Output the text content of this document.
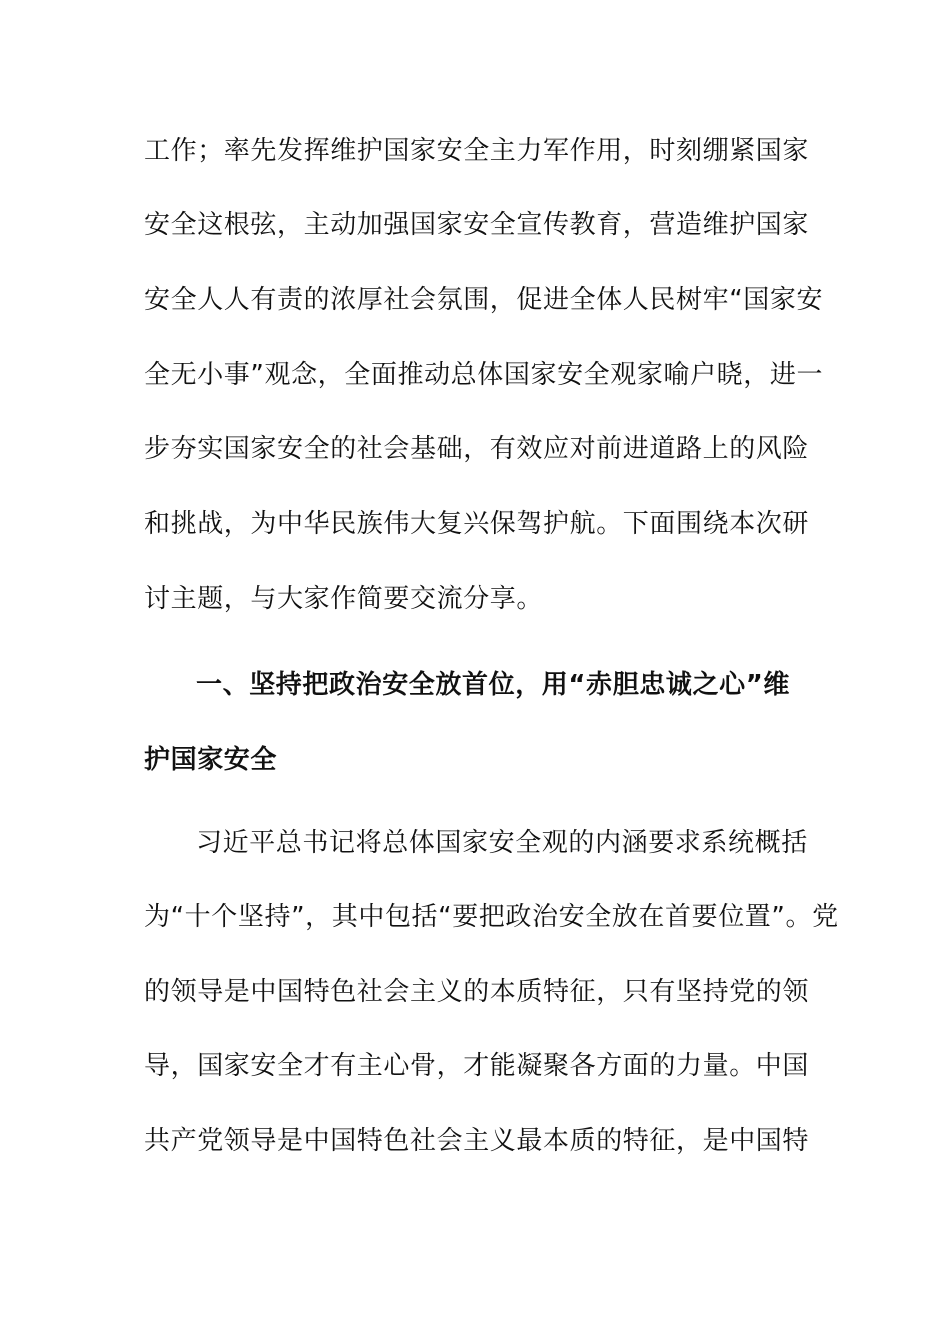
工作；率先发挥维护国家安全主力军作用，时刻绷紧国家
安全这根弦，主动加强国家安全宣传教育，营造维护国家
安全人人有责的浓厚社会氛围，促进全体人民树牢“国家安
全无小事”观念，全面推动总体国家安全观家喻户晓，进一
步夯实国家安全的社会基础，有效应对前进道路上的风险
和挑战，为中华民族伟大复兴保驾护航。下面围绕本次研
讨主题，与大家作简要交流分享。
一、坚持把政治安全放首位，用“赤胆忠诚之心”维
护国家安全
习近平总书记将总体国家安全观的内涵要求系统概括
为“十个坚持”，其中包括“要把政治安全放在首要位置”。党
的领导是中国特色社会主义的本质特征，只有坚持党的领
导，国家安全才有主心骨，才能凝聚各方面的力量。中国
共产党领导是中国特色社会主义最本质的特征，是中国特
